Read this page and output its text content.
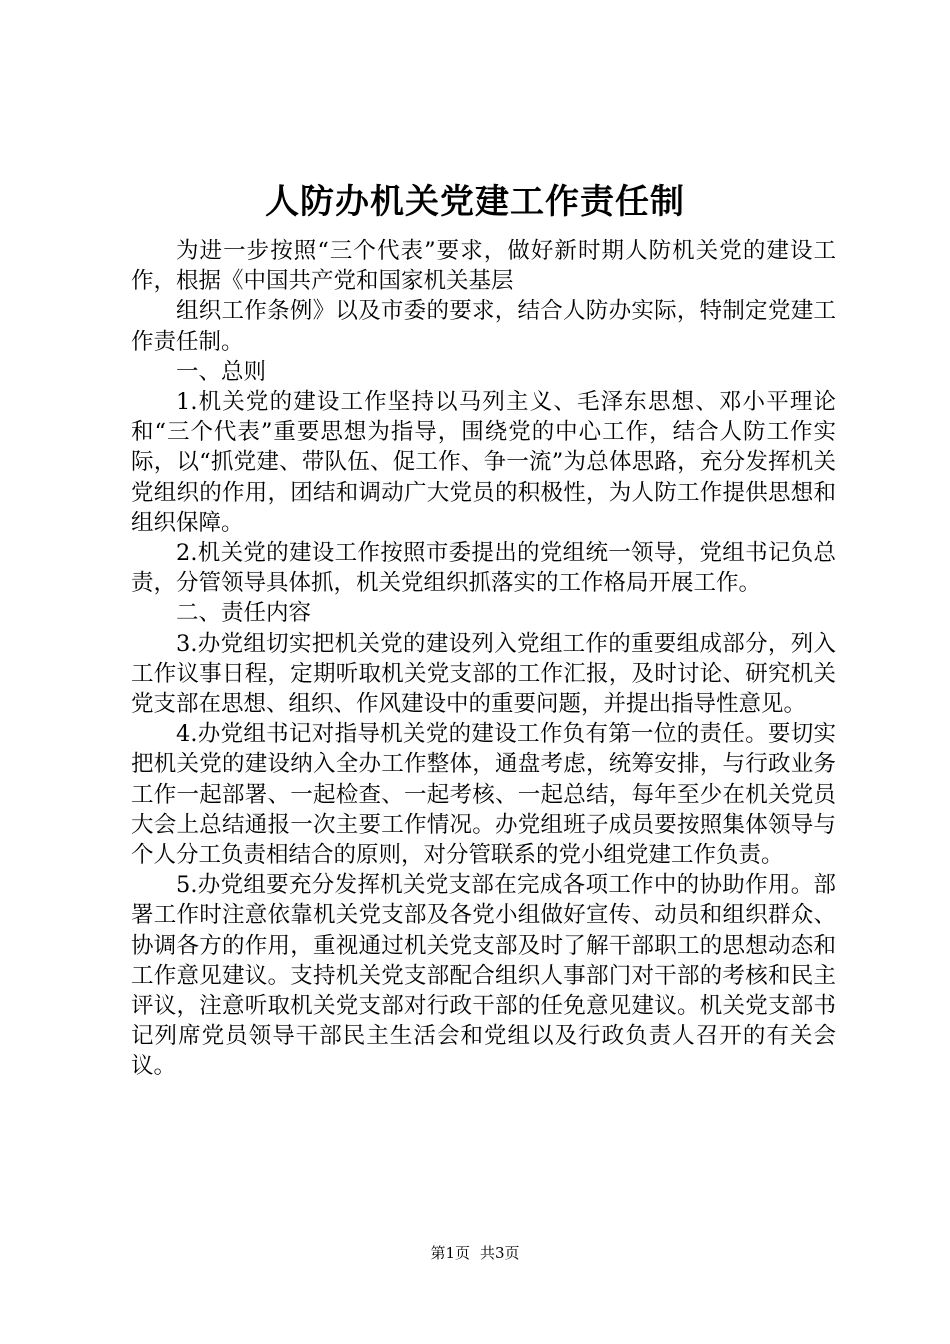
人防办机关党建工作责任制

为进一步按照“三个代表”要求，做好新时期人防机关党的建设工作，根据《中国共产党和国家机关基层

组织工作条例》以及市委的要求，结合人防办实际，特制定党建工作责任制。

一、总则

1.机关党的建设工作坚持以马列主义、毛泽东思想、邓小平理论和“三个代表”重要思想为指导，围绕党的中心工作，结合人防工作实际，以“抓党建、带队伍、促工作、争一流”为总体思路，充分发挥机关党组织的作用，团结和调动广大党员的积极性，为人防工作提供思想和组织保障。

2.机关党的建设工作按照市委提出的党组统一领导，党组书记负总责，分管领导具体抓，机关党组织抓落实的工作格局开展工作。

二、责任内容

3.办党组切实把机关党的建设列入党组工作的重要组成部分，列入工作议事日程，定期听取机关党支部的工作汇报，及时讨论、研究机关党支部在思想、组织、作风建设中的重要问题，并提出指导性意见。

4.办党组书记对指导机关党的建设工作负有第一位的责任。要切实把机关党的建设纳入全办工作整体，通盘考虑，统筹安排，与行政业务工作一起部署、一起检查、一起考核、一起总结，每年至少在机关党员大会上总结通报一次主要工作情况。办党组班子成员要按照集体领导与个人分工负责相结合的原则，对分管联系的党小组党建工作负责。

5.办党组要充分发挥机关党支部在完成各项工作中的协助作用。部署工作时注意依靠机关党支部及各党小组做好宣传、动员和组织群众、协调各方的作用，重视通过机关党支部及时了解干部职工的思想动态和工作意见建议。支持机关党支部配合组织人事部门对干部的考核和民主评议，注意听取机关党支部对行政干部的任免意见建议。机关党支部书记列席党员领导干部民主生活会和党组以及行政负责人召开的有关会议。

第1页 共3页
